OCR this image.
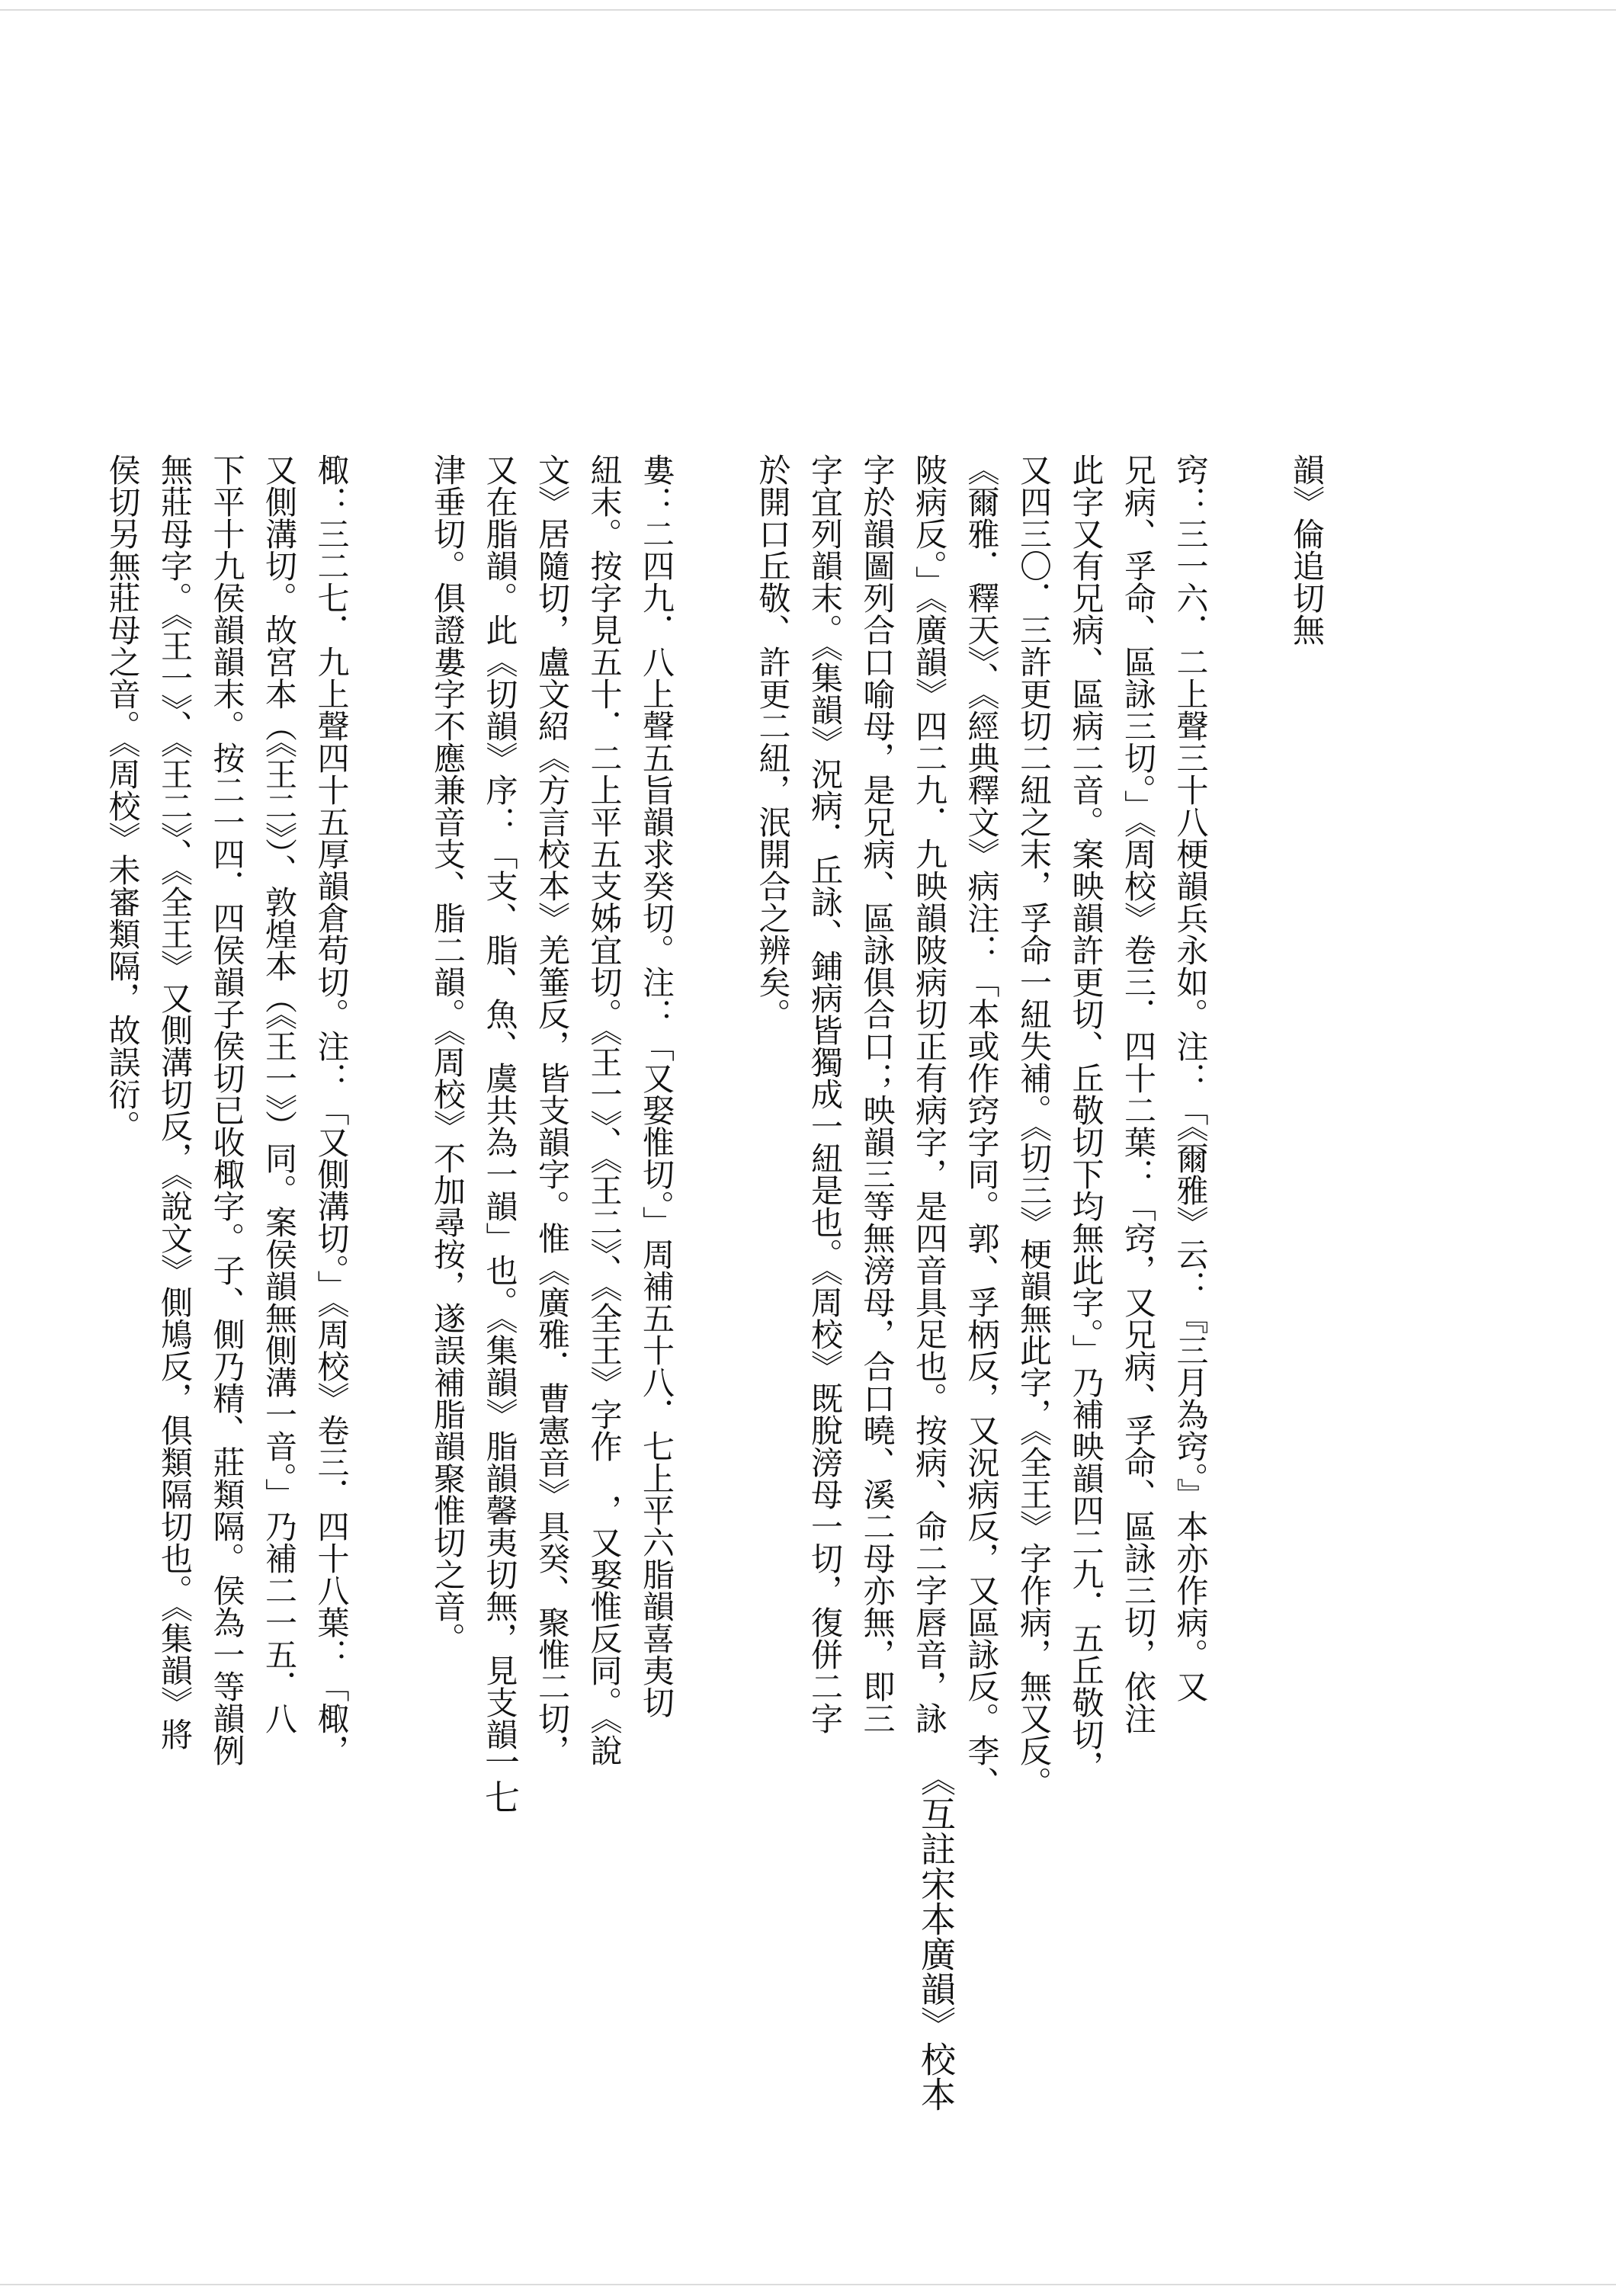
韻》倫追切無
窍：三一六．二上聲三十八梗韻兵永如。注：「《爾雅》云：『三月為窍。』本亦作病。又
兄病、孚命、區詠三切。」《周校》卷三．四十二葉：「窍，又兄病、孚命、區詠三切，依注
此字又有兄病、區病二音。案映韻許更切、丘敬切下均無此字。」乃補映韻四二九．五丘敬切，
又四三〇．三許更切二紐之末，孚命一紐失補。《切三》梗韻無此字，《全王》字作病，無又反。
《爾雅．釋天》、《經典釋文》病注：「本或作窍字同。郭、孚柄反，又況病反，又區詠反。李、
陂病反。」《廣韻》四二九．九映韻陂病切正有病字，是四音具足也。按病、命二字唇音，詠
字於韻圖列合口喻母，是兄病、區詠俱合口；映韻三等無滂母，合口曉、溪二母亦無，即三
字宜列韻末。《集韻》況病．丘詠、鋪病皆獨成一紐是也。《周校》既脫滂母一切，復併二字
於開口丘敬、許更二紐，泯開合之辨矣。
婁：二四九．八上聲五旨韻求癸切。注：「又娶惟切。」周補五十八．七上平六脂韻喜夷切
紐末。按字見五十．二上平五支姊宜切。《王一》、《王二》、《全王》字作　，又娶惟反同。《說
文》居隨切，盧文紹《方言校本》羌箠反，皆支韻字。惟《廣雅．曹憲音》具癸、聚惟二切，
又在脂韻。此《切韻》序：「支、脂、魚、虞共為一韻」也。《集韻》脂韻馨夷切無，見支韻
津垂切。俱證婁字不應兼音支、脂二韻。《周校》不加尋按，遂誤補脂韻聚惟切之音。
棷：三二七．九上聲四十五厚韻倉苟切。注：「又側溝切。」《周校》卷三．四十八葉：「棷，
又側溝切。故宮本（《王二》）、敦煌本（《王一》）同。案侯韻無側溝一音。」乃補二一五．八
下平十九侯韻韻末。按二一四．四侯韻子侯切已收棷字。子、側乃精、莊類隔。侯為一等韻例
無莊母字。《王一》、《王二》、《全王》又側溝切反，《說文》側鳩反，俱類隔切也。《集韻》將
侯切另無莊母之音。《周校》未審類隔，故誤衍。
《互註宋本廣韻》校本
一七
